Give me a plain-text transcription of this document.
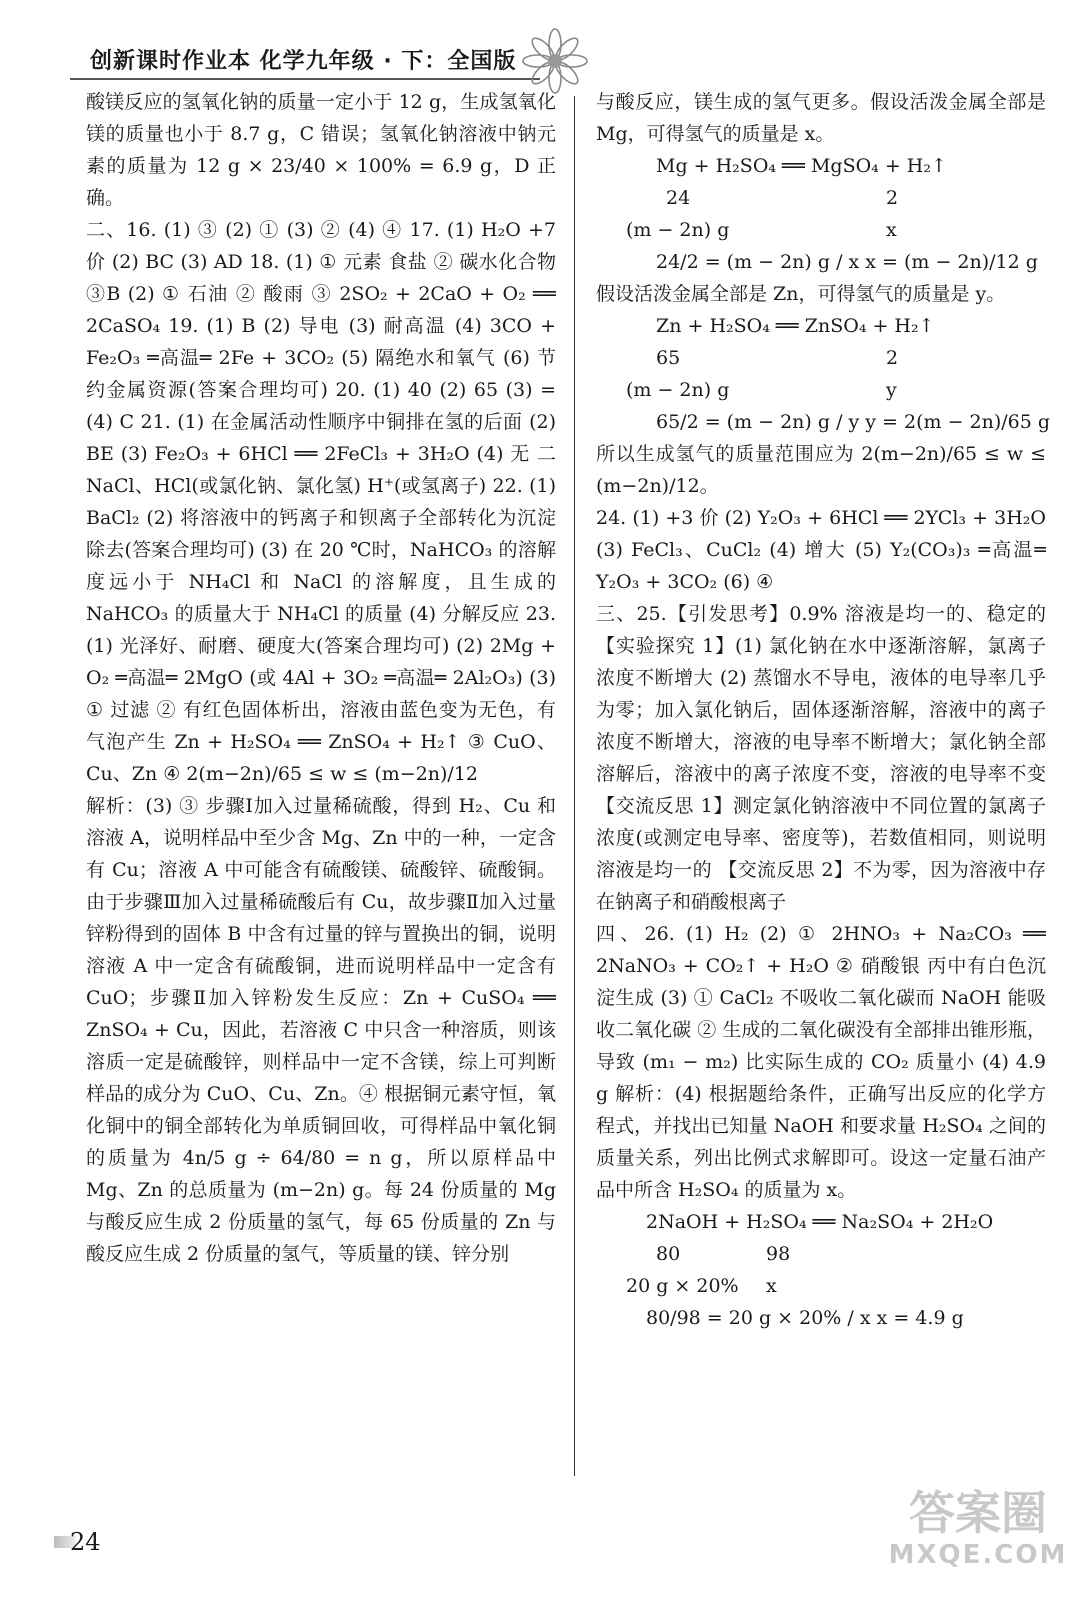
创新课时作业本 化学九年级 · 下：全国版

酸镁反应的氢氧化钠的质量一定小于 12 g，生成氢氧化镁的质量也小于 8.7 g，C 错误；氢氧化钠溶液中钠元素的质量为 12 g × 23/40 × 100% = 6.9 g，D 正确。

二、16. (1) ③ (2) ① (3) ② (4) ④ 17. (1) H₂O +7 价 (2) BC (3) AD 18. (1) ① 元素 食盐 ② 碳水化合物 ③B (2) ① 石油 ② 酸雨 ③ 2SO₂ + 2CaO + O₂ ══ 2CaSO₄ 19. (1) B (2) 导电 (3) 耐高温 (4) 3CO + Fe₂O₃ ═高温═ 2Fe + 3CO₂ (5) 隔绝水和氧气 (6) 节约金属资源(答案合理均可) 20. (1) 40 (2) 65 (3) = (4) C 21. (1) 在金属活动性顺序中铜排在氢的后面 (2) BE (3) Fe₂O₃ + 6HCl ══ 2FeCl₃ + 3H₂O (4) 无 二 NaCl、HCl(或氯化钠、氯化氢) H⁺(或氢离子) 22. (1) BaCl₂ (2) 将溶液中的钙离子和钡离子全部转化为沉淀除去(答案合理均可) (3) 在 20 ℃时，NaHCO₃ 的溶解度远小于 NH₄Cl 和 NaCl 的溶解度，且生成的 NaHCO₃ 的质量大于 NH₄Cl 的质量 (4) 分解反应 23. (1) 光泽好、耐磨、硬度大(答案合理均可) (2) 2Mg + O₂ ═高温═ 2MgO (或 4Al + 3O₂ ═高温═ 2Al₂O₃) (3) ① 过滤 ② 有红色固体析出，溶液由蓝色变为无色，有气泡产生 Zn + H₂SO₄ ══ ZnSO₄ + H₂↑ ③ CuO、Cu、Zn ④ 2(m−2n)/65 ≤ w ≤ (m−2n)/12

解析：(3) ③ 步骤Ⅰ加入过量稀硫酸，得到 H₂、Cu 和溶液 A，说明样品中至少含 Mg、Zn 中的一种，一定含有 Cu；溶液 A 中可能含有硫酸镁、硫酸锌、硫酸铜。由于步骤Ⅲ加入过量稀硫酸后有 Cu，故步骤Ⅱ加入过量锌粉得到的固体 B 中含有过量的锌与置换出的铜，说明溶液 A 中一定含有硫酸铜，进而说明样品中一定含有 CuO；步骤Ⅱ加入锌粉发生反应：Zn + CuSO₄ ══ ZnSO₄ + Cu，因此，若溶液 C 中只含一种溶质，则该溶质一定是硫酸锌，则样品中一定不含镁，综上可判断样品的成分为 CuO、Cu、Zn。④ 根据铜元素守恒，氧化铜中的铜全部转化为单质铜回收，可得样品中氧化铜的质量为 4n/5 g ÷ 64/80 = n g，所以原样品中 Mg、Zn 的总质量为 (m−2n) g。每 24 份质量的 Mg 与酸反应生成 2 份质量的氢气，每 65 份质量的 Zn 与酸反应生成 2 份质量的氢气，等质量的镁、锌分别

与酸反应，镁生成的氢气更多。假设活泼金属全部是 Mg，可得氢气的质量是 x。

Mg + H₂SO₄ ══ MgSO₄ + H₂↑
24	2
(m − 2n) g	x
24/2 = (m − 2n) g / x x = (m − 2n)/12 g

假设活泼金属全部是 Zn，可得氢气的质量是 y。

Zn + H₂SO₄ ══ ZnSO₄ + H₂↑
65	2
(m − 2n) g	y
65/2 = (m − 2n) g / y y = 2(m − 2n)/65 g

所以生成氢气的质量范围应为 2(m−2n)/65 ≤ w ≤ (m−2n)/12。

24. (1) +3 价 (2) Y₂O₃ + 6HCl ══ 2YCl₃ + 3H₂O (3) FeCl₃、CuCl₂ (4) 增大 (5) Y₂(CO₃)₃ ═高温═ Y₂O₃ + 3CO₂ (6) ④

三、25.【引发思考】0.9% 溶液是均一的、稳定的 【实验探究 1】(1) 氯化钠在水中逐渐溶解，氯离子浓度不断增大 (2) 蒸馏水不导电，液体的电导率几乎为零；加入氯化钠后，固体逐渐溶解，溶液中的离子浓度不断增大，溶液的电导率不断增大；氯化钠全部溶解后，溶液中的离子浓度不变，溶液的电导率不变 【交流反思 1】测定氯化钠溶液中不同位置的氯离子浓度(或测定电导率、密度等)，若数值相同，则说明溶液是均一的 【交流反思 2】不为零，因为溶液中存在钠离子和硝酸根离子

四、26. (1) H₂ (2) ① 2HNO₃ + Na₂CO₃ ══ 2NaNO₃ + CO₂↑ + H₂O ② 硝酸银 丙中有白色沉淀生成 (3) ① CaCl₂ 不吸收二氧化碳而 NaOH 能吸收二氧化碳 ② 生成的二氧化碳没有全部排出锥形瓶，导致 (m₁ − m₂) 比实际生成的 CO₂ 质量小 (4) 4.9 g 解析：(4) 根据题给条件，正确写出反应的化学方程式，并找出已知量 NaOH 和要求量 H₂SO₄ 之间的质量关系，列出比例式求解即可。设这一定量石油产品中所含 H₂SO₄ 的质量为 x。

2NaOH + H₂SO₄ ══ Na₂SO₄ + 2H₂O
80	98
20 g × 20%	x
80/98 = 20 g × 20% / x x = 4.9 g
24
答案圈
MXQE.COM
